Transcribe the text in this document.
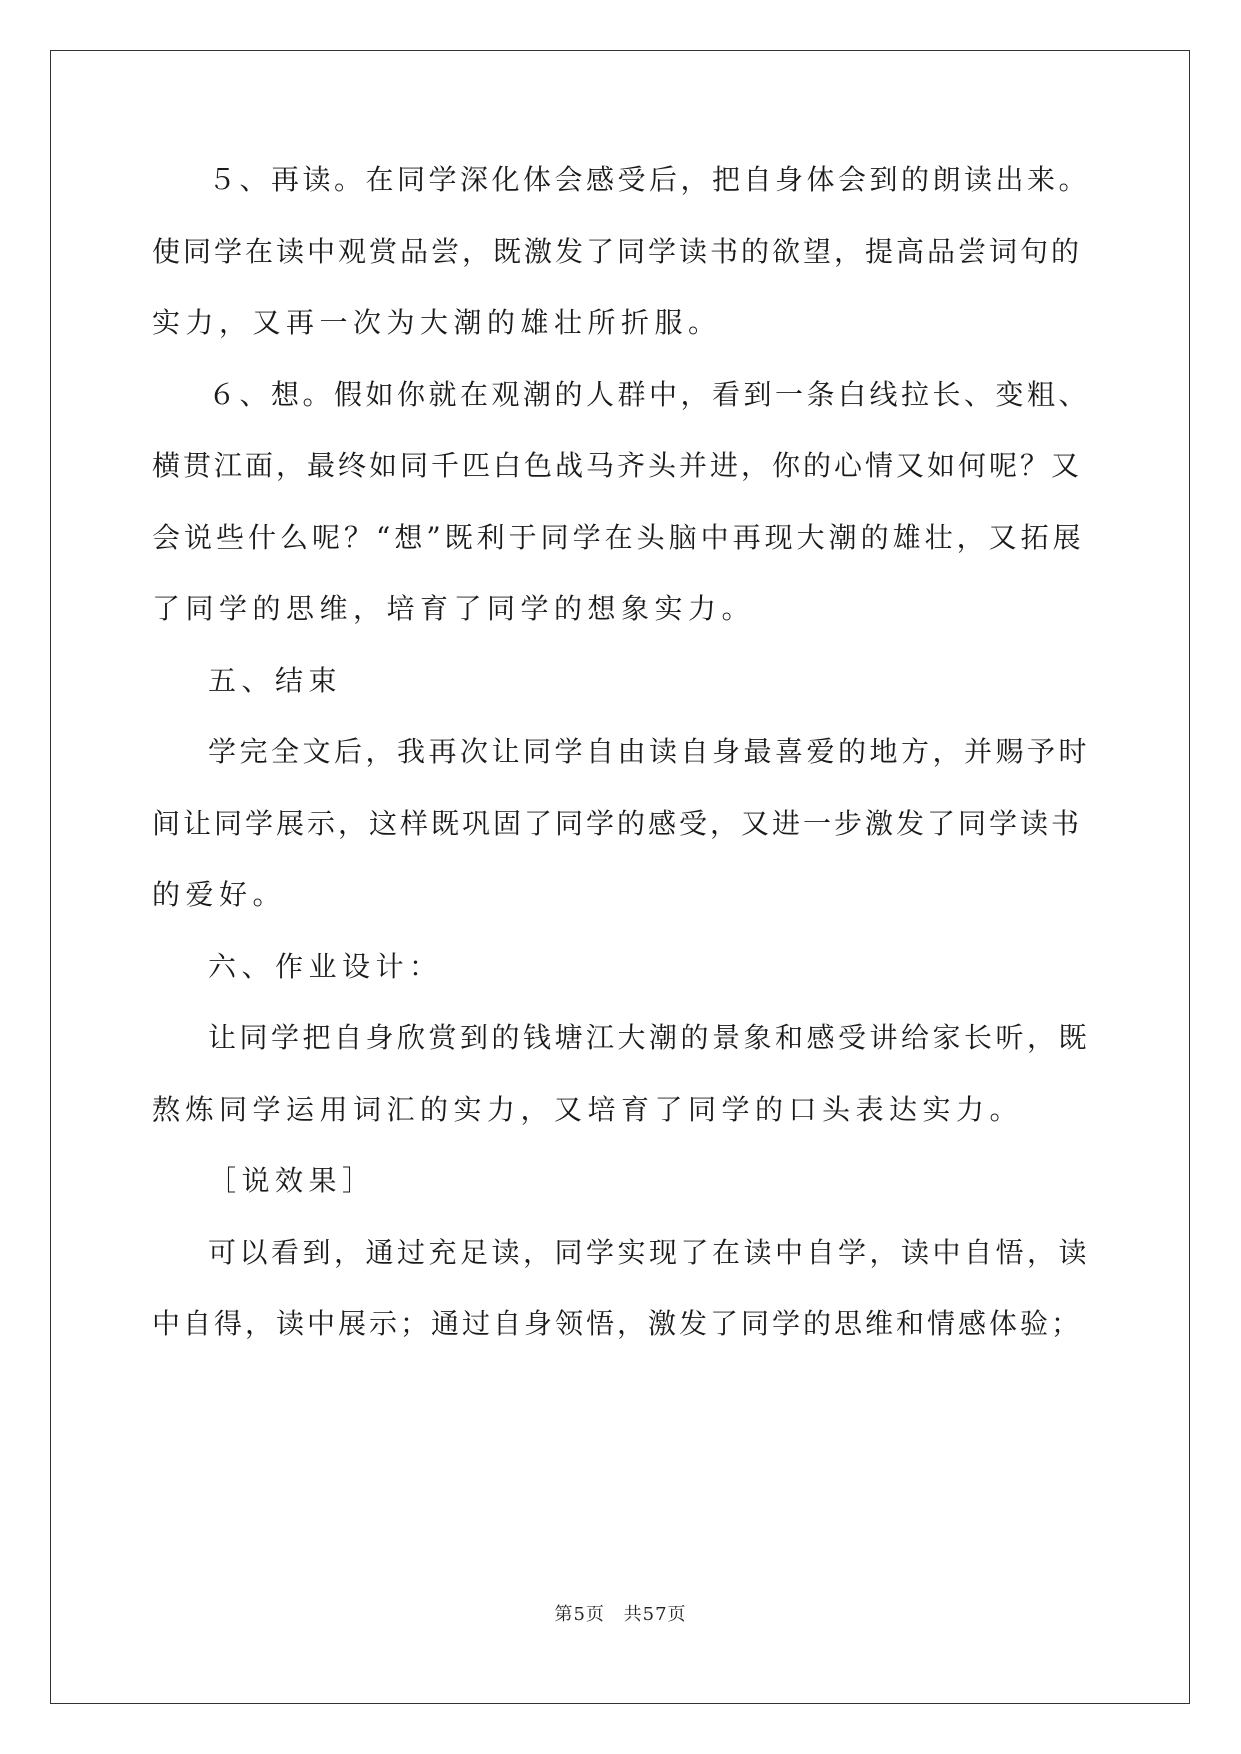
５、再读。在同学深化体会感受后，把自身体会到的朗读出来。
使同学在读中观赏品尝，既激发了同学读书的欲望，提高品尝词句的
实力，又再一次为大潮的雄壮所折服。
６、想。假如你就在观潮的人群中，看到一条白线拉长、变粗、
横贯江面，最终如同千匹白色战马齐头并进，你的心情又如何呢？又
会说些什么呢？“想”既利于同学在头脑中再现大潮的雄壮，又拓展
了同学的思维，培育了同学的想象实力。
五、结束
学完全文后，我再次让同学自由读自身最喜爱的地方，并赐予时
间让同学展示，这样既巩固了同学的感受，又进一步激发了同学读书
的爱好。
六、作业设计：
让同学把自身欣赏到的钱塘江大潮的景象和感受讲给家长听，既
熬炼同学运用词汇的实力，又培育了同学的口头表达实力。
［说效果］
可以看到，通过充足读，同学实现了在读中自学，读中自悟，读
中自得，读中展示；通过自身领悟，激发了同学的思维和情感体验；
第5页 共57页
